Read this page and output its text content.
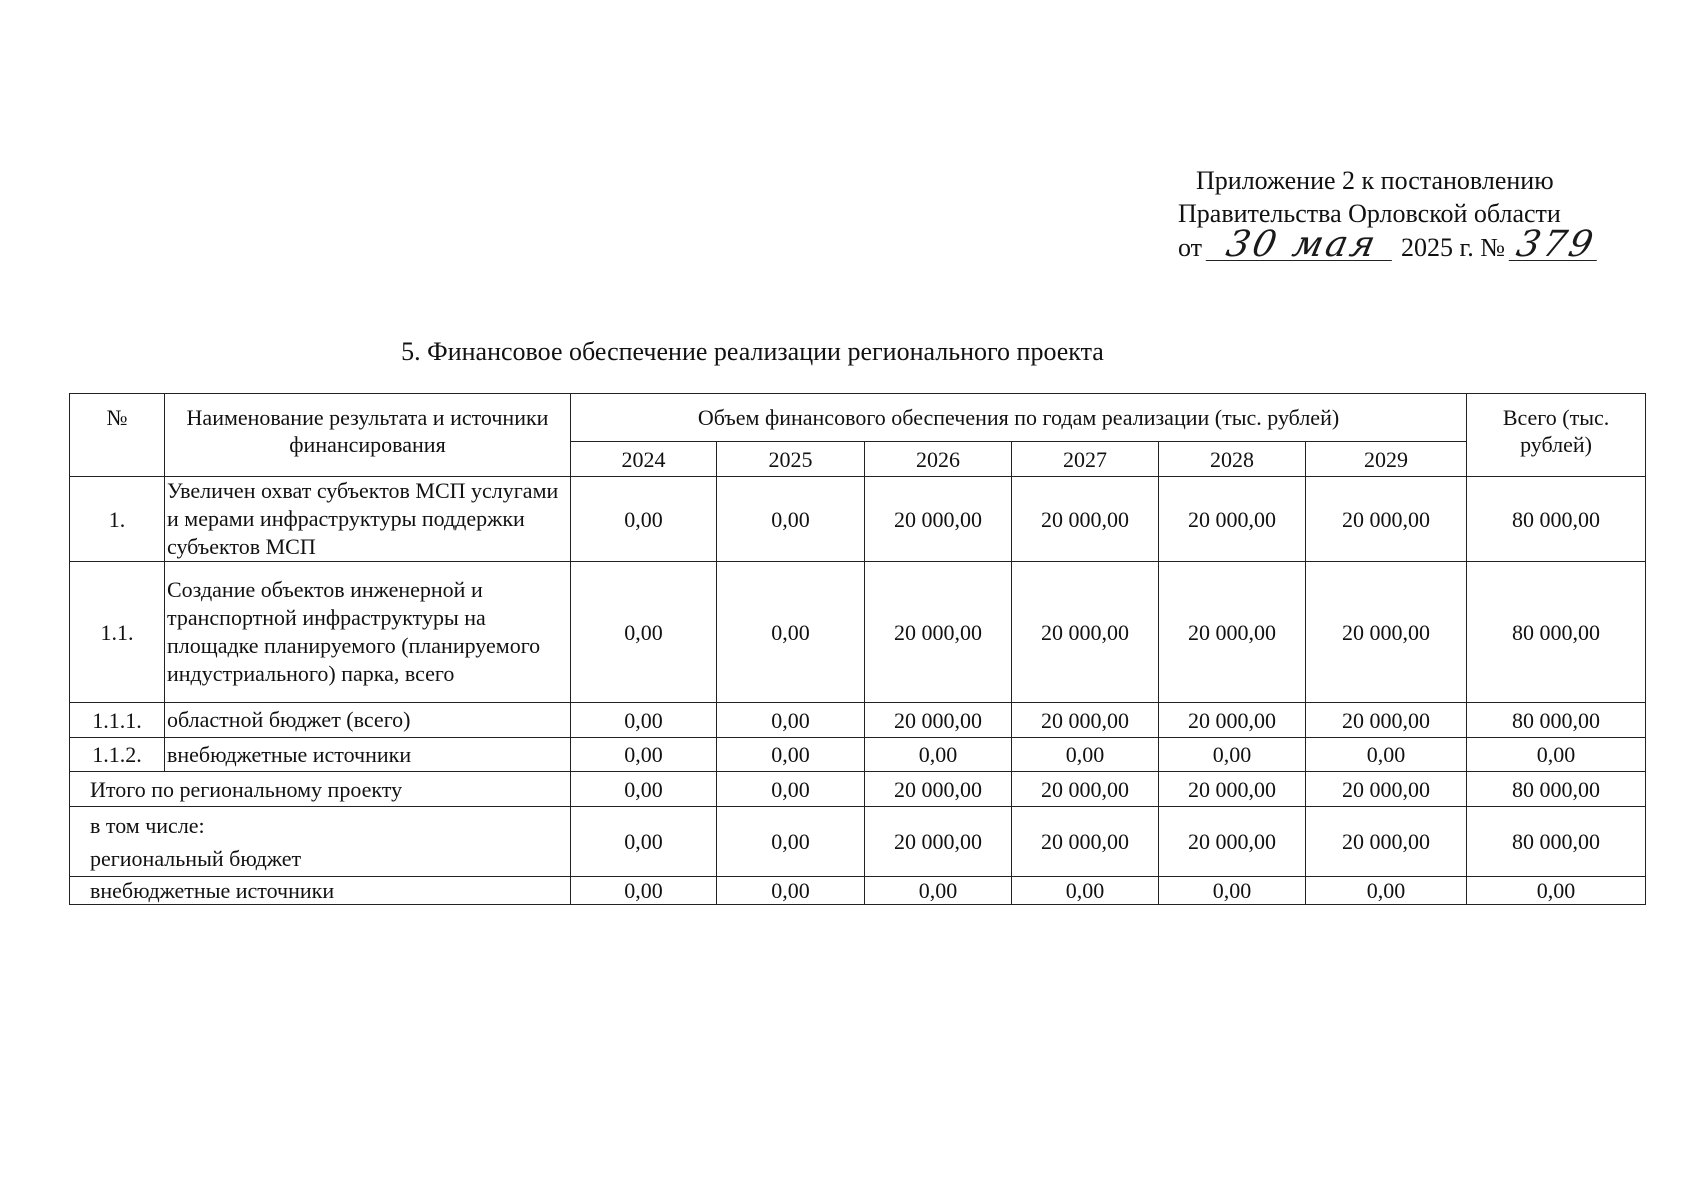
Приложение 2 к постановлению
Правительства Орловской области
от 30 мая 2025 г. № 379
5. Финансовое обеспечение реализации регионального проекта
№	Наименование результата и источники финансирования	Объем финансового обеспечения по годам реализации (тыс. рублей)						Всего (тыс. рублей)
		2024	2025	2026	2027	2028	2029	
1.	Увеличен охват субъектов МСП услугами и мерами инфраструктуры поддержки субъектов МСП	0,00	0,00	20 000,00	20 000,00	20 000,00	20 000,00	80 000,00
1.1.	Создание объектов инженерной и транспортной инфраструктуры на площадке планируемого (планируемого индустриального) парка, всего	0,00	0,00	20 000,00	20 000,00	20 000,00	20 000,00	80 000,00
1.1.1.	областной бюджет (всего)	0,00	0,00	20 000,00	20 000,00	20 000,00	20 000,00	80 000,00
1.1.2.	внебюджетные источники	0,00	0,00	0,00	0,00	0,00	0,00	0,00
Итого по региональному проекту		0,00	0,00	20 000,00	20 000,00	20 000,00	20 000,00	80 000,00

в том числе:
региональный бюджет		0,00	0,00	20 000,00	20 000,00	20 000,00	20 000,00	80 000,00
внебюджетные источники		0,00	0,00	0,00	0,00	0,00	0,00	0,00
